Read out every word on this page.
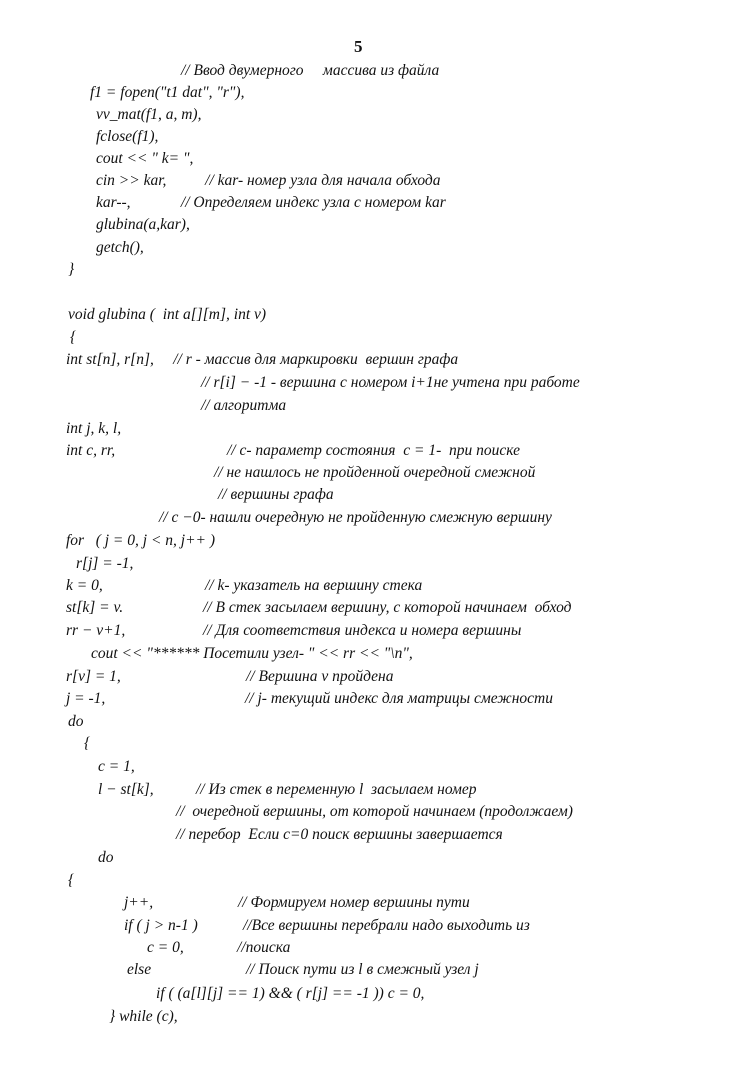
5
// Ввод двумерного     массива из файла
f1 = fopen("t1 dat", "r"),
vv_mat(f1, a, m),
fclose(f1),
cout << " k= ",
cin >> kar,          // kar- номер узла для начала обхода
kar--,             // Определяем индекс узла с номером kar
glubina(a,kar),
getch(),
}
void glubina (  int a[][m], int v)
{
int st[n], r[n],     // r - массив для маркировки  вершин графа
// r[i] − -1 - вершина с номером i+1не учтена при работе
// алгоритма
int j, k, l,
int c, rr,	// c- параметр состояния  c = 1-  при поиске
// не нашлось не пройденной очередной смежной
// вершины графа
// c −0- нашли очередную не пройденную смежную вершину
for   ( j = 0, j < n, j++ )
r[j] = -1,
k = 0,	// k- указатель на вершину стека
st[k] = v.	// В стек засылаем вершину, с которой начинаем  обход
rr − v+1,	// Для соответствия индекса и номера вершины
cout << "****** Посетили узел- " << rr << "\n",
r[v] = 1,	// Вершина v пройдена
j = -1,	// j- текущий индекс для матрицы смежности
do
{
c = 1,
l − st[k],	// Из стек в переменную l  засылаем номер
//  очередной вершины, от которой начинаем (продолжаем)
// перебор  Если с=0 поиск вершины завершается
do
{
j++,	// Формируем номер вершины пути
if ( j > n-1 )	//Все вершины перебрали надо выходить из
c = 0,	//поиска
else	// Поиск пути из l в смежный узел j
if ( (a[l][j] == 1) && ( r[j] == -1 )) c = 0,
} while (c),
